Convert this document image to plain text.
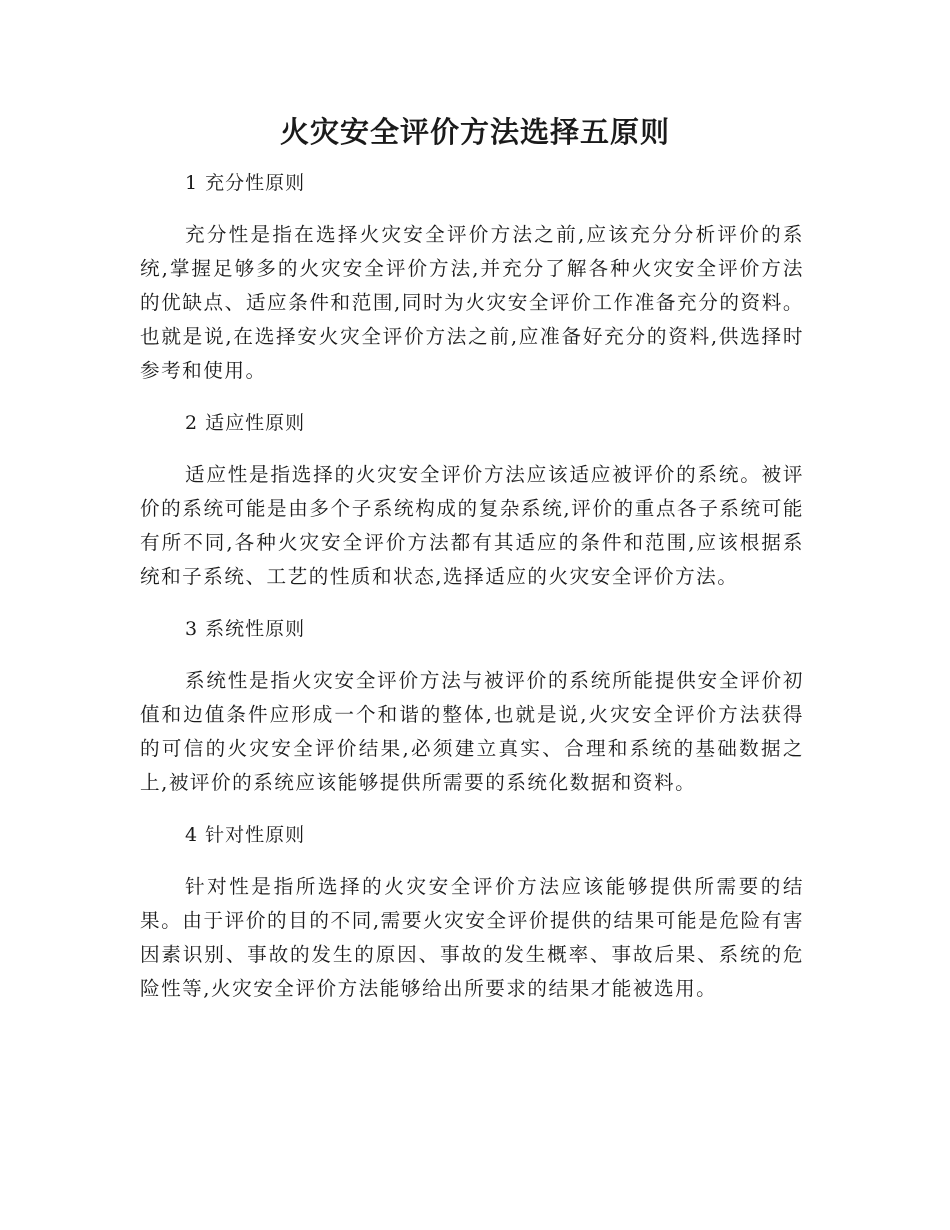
火灾安全评价方法选择五原则
1 充分性原则

充分性是指在选择火灾安全评价方法之前,应该充分分析评价的系统,掌握足够多的火灾安全评价方法,并充分了解各种火灾安全评价方法的优缺点、适应条件和范围,同时为火灾安全评价工作准备充分的资料。也就是说,在选择安火灾全评价方法之前,应准备好充分的资料,供选择时参考和使用。

2 适应性原则

适应性是指选择的火灾安全评价方法应该适应被评价的系统。被评价的系统可能是由多个子系统构成的复杂系统,评价的重点各子系统可能有所不同,各种火灾安全评价方法都有其适应的条件和范围,应该根据系统和子系统、工艺的性质和状态,选择适应的火灾安全评价方法。

3 系统性原则

系统性是指火灾安全评价方法与被评价的系统所能提供安全评价初值和边值条件应形成一个和谐的整体,也就是说,火灾安全评价方法获得的可信的火灾安全评价结果,必须建立真实、合理和系统的基础数据之上,被评价的系统应该能够提供所需要的系统化数据和资料。

4 针对性原则

针对性是指所选择的火灾安全评价方法应该能够提供所需要的结果。由于评价的目的不同,需要火灾安全评价提供的结果可能是危险有害因素识别、事故的发生的原因、事故的发生概率、事故后果、系统的危险性等,火灾安全评价方法能够给出所要求的结果才能被选用。
